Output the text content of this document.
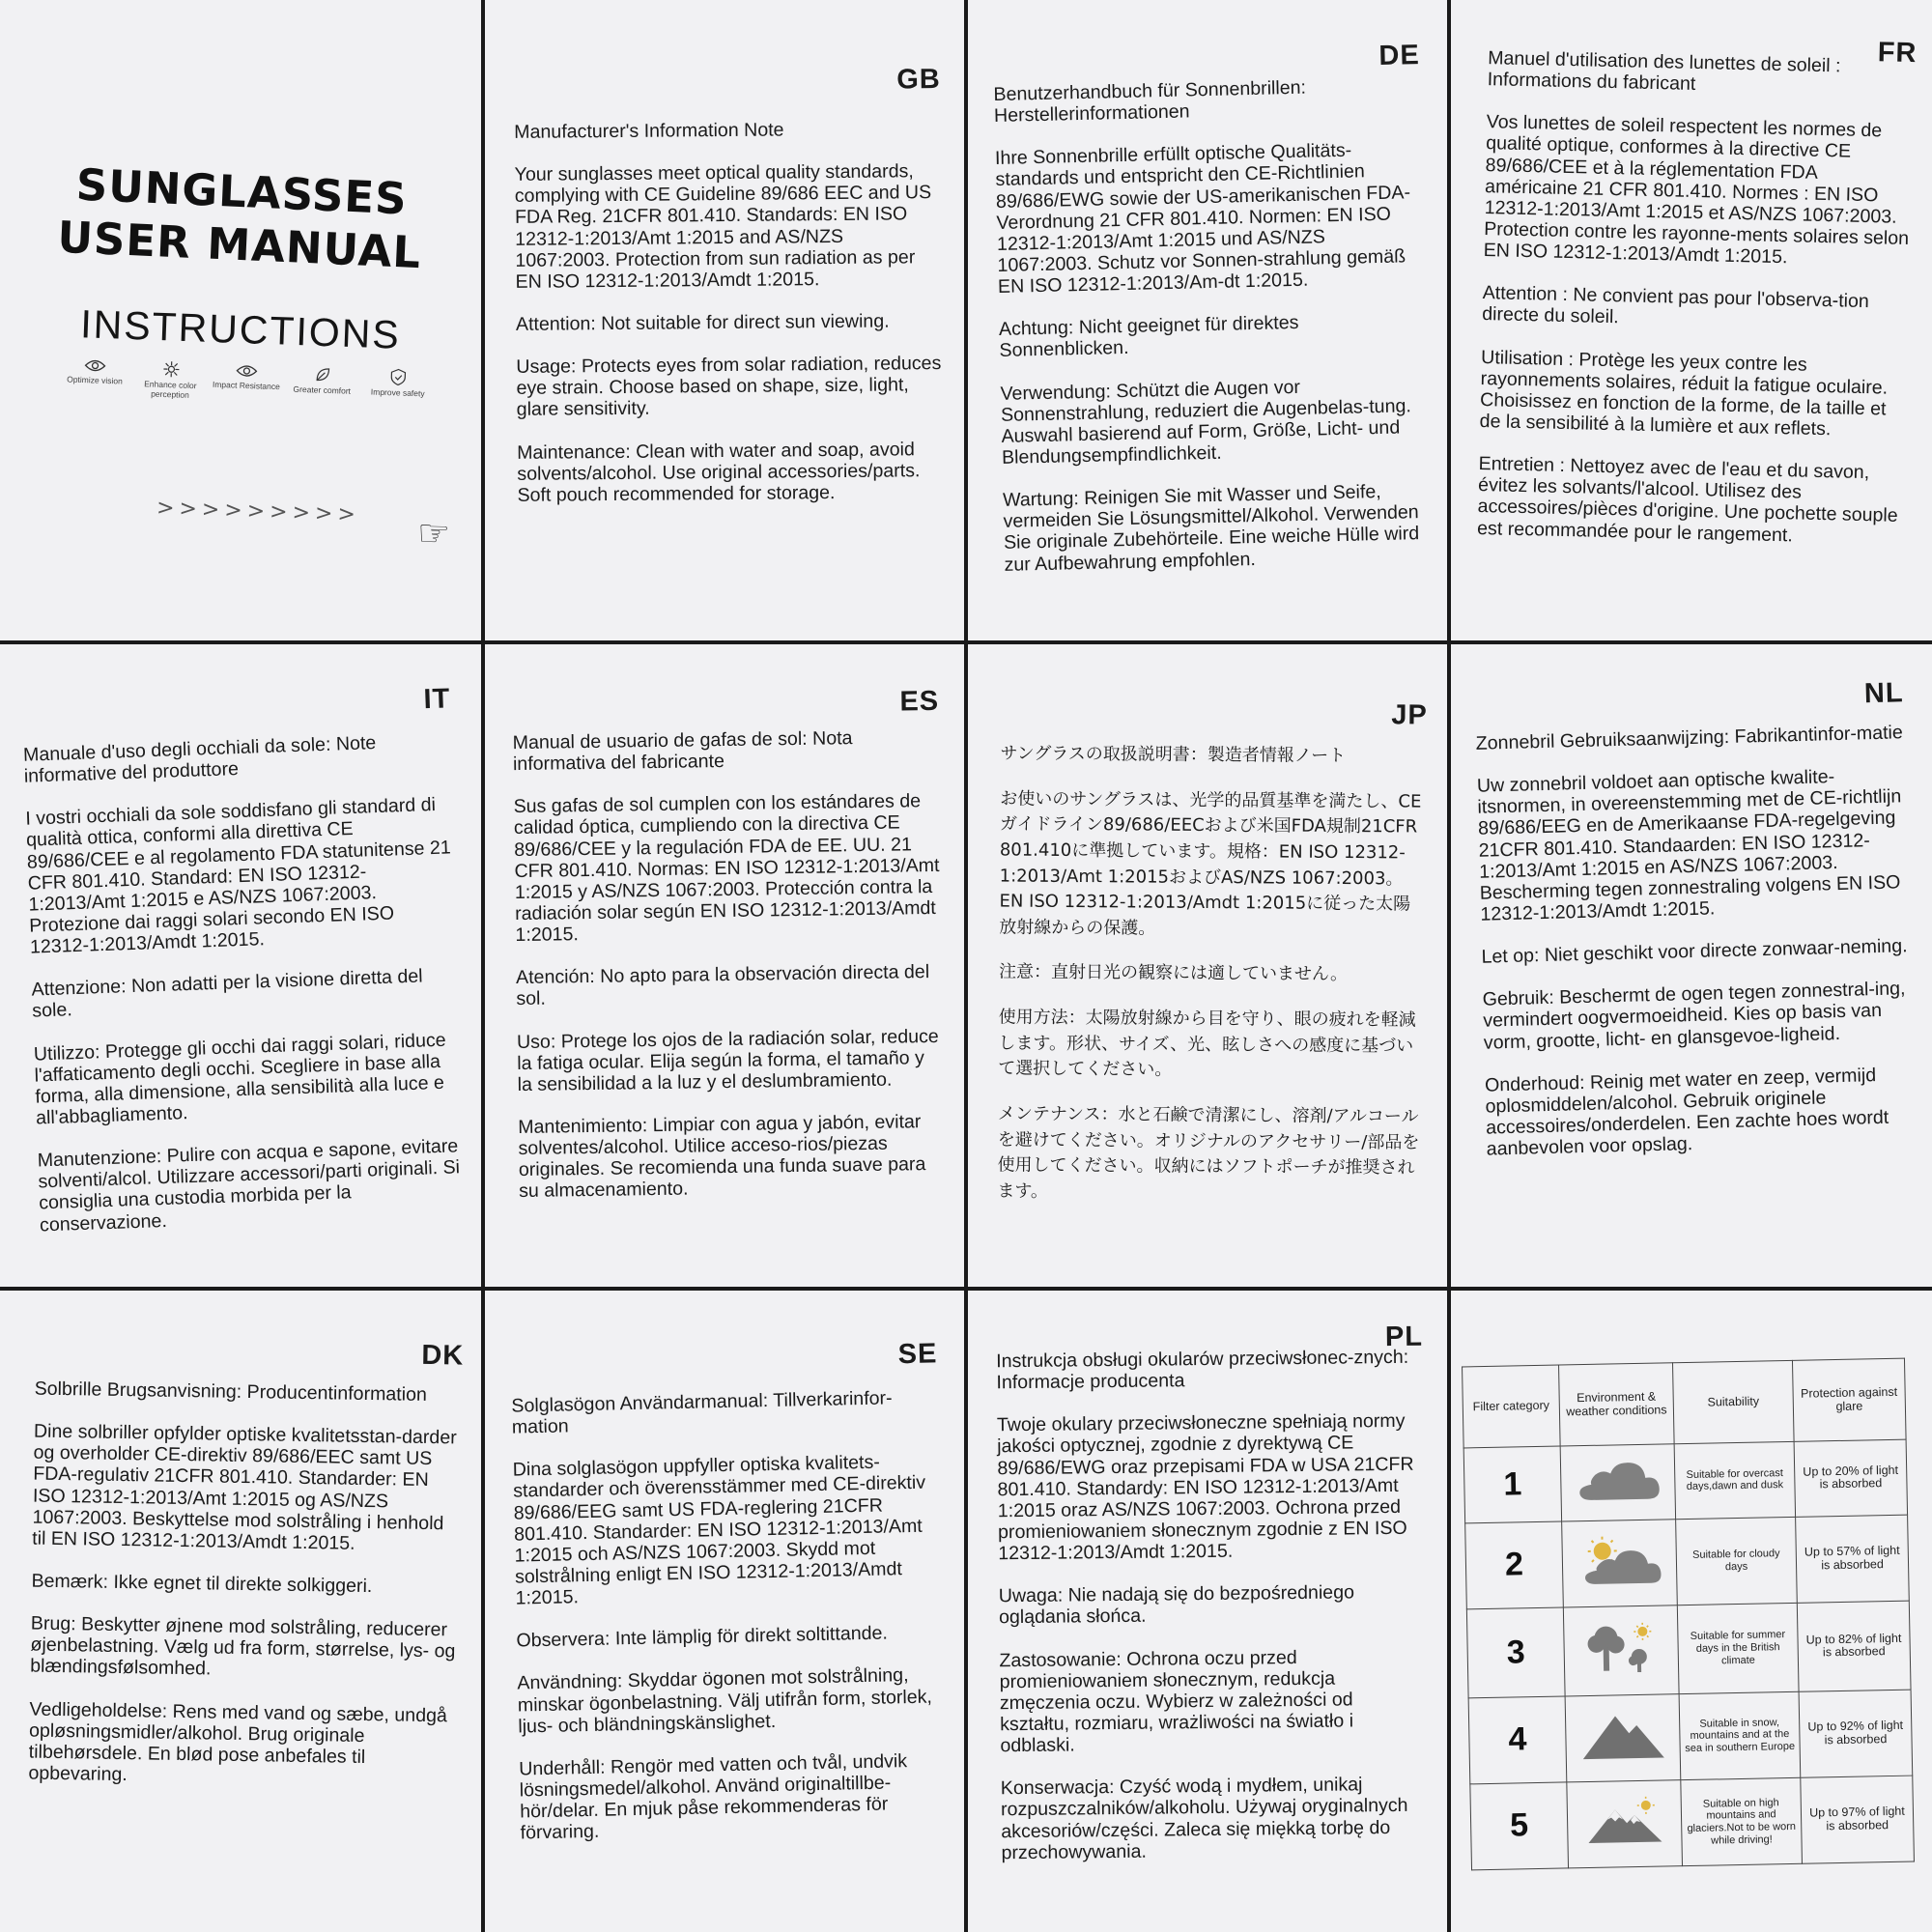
SUNGLASSES
USER MANUAL
INSTRUCTIONS
Optimize vision	Enhance color perception
Impact Resistance	Greater comfort	Improve safety
>>>>>>>>> ☞
GB

Manufacturer's Information Note

Your sunglasses meet optical quality standards, complying with CE Guideline 89/686 EEC and US FDA Reg. 21CFR 801.410. Standards: EN ISO 12312-1:2013/Amt 1:2015 and AS/NZS 1067:2003. Protection from sun radiation as per EN ISO 12312-1:2013/Amdt 1:2015.

Attention: Not suitable for direct sun viewing.

Usage: Protects eyes from solar radiation, reduces eye strain. Choose based on shape, size, light, glare sensitivity.

Maintenance: Clean with water and soap, avoid solvents/alcohol. Use original accessories/parts. Soft pouch recommended for storage.

DE

Benutzerhandbuch für Sonnenbrillen: Herstellerinformationen

Ihre Sonnenbrille erfüllt optische Qualitäts-standards und entspricht den CE-Richtlinien 89/686/EWG sowie der US-amerikanischen FDA-Verordnung 21 CFR 801.410. Normen: EN ISO 12312-1:2013/Amt 1:2015 und AS/NZS 1067:2003. Schutz vor Sonnen-strahlung gemäß EN ISO 12312-1:2013/Am-dt 1:2015.

Achtung: Nicht geeignet für direktes Sonnenblicken.

Verwendung: Schützt die Augen vor Sonnenstrahlung, reduziert die Augenbelas-tung. Auswahl basierend auf Form, Größe, Licht- und Blendungsempfindlichkeit.

Wartung: Reinigen Sie mit Wasser und Seife, vermeiden Sie Lösungsmittel/Alkohol. Verwenden Sie originale Zubehörteile. Eine weiche Hülle wird zur Aufbewahrung empfohlen.

FR

Manuel d'utilisation des lunettes de soleil : Informations du fabricant

Vos lunettes de soleil respectent les normes de qualité optique, conformes à la directive CE 89/686/CEE et à la réglementation FDA américaine 21 CFR 801.410. Normes : EN ISO 12312-1:2013/Amt 1:2015 et AS/NZS 1067:2003. Protection contre les rayonne-ments solaires selon EN ISO 12312-1:2013/Amdt 1:2015.

Attention : Ne convient pas pour l'observa-tion directe du soleil.

Utilisation : Protège les yeux contre les rayonnements solaires, réduit la fatigue oculaire. Choisissez en fonction de la forme, de la taille et de la sensibilité à la lumière et aux reflets.

Entretien : Nettoyez avec de l'eau et du savon, évitez les solvants/l'alcool. Utilisez des accessoires/pièces d'origine. Une pochette souple est recommandée pour le rangement.

IT

Manuale d'uso degli occhiali da sole: Note informative del produttore

I vostri occhiali da sole soddisfano gli standard di qualità ottica, conformi alla direttiva CE 89/686/CEE e al regolamento FDA statunitense 21 CFR 801.410. Standard: EN ISO 12312-1:2013/Amt 1:2015 e AS/NZS 1067:2003. Protezione dai raggi solari secondo EN ISO 12312-1:2013/Amdt 1:2015.

Attenzione: Non adatti per la visione diretta del sole.

Utilizzo: Protegge gli occhi dai raggi solari, riduce l'affaticamento degli occhi. Scegliere in base alla forma, alla dimensione, alla sensibilità alla luce e all'abbagliamento.

Manutenzione: Pulire con acqua e sapone, evitare solventi/alcol. Utilizzare accessori/parti originali. Si consiglia una custodia morbida per la conservazione.

ES

Manual de usuario de gafas de sol: Nota informativa del fabricante

Sus gafas de sol cumplen con los estándares de calidad óptica, cumpliendo con la directiva CE 89/686/CEE y la regulación FDA de EE. UU. 21 CFR 801.410. Normas: EN ISO 12312-1:2013/Amt 1:2015 y AS/NZS 1067:2003. Protección contra la radiación solar según EN ISO 12312-1:2013/Amdt 1:2015.

Atención: No apto para la observación directa del sol.

Uso: Protege los ojos de la radiación solar, reduce la fatiga ocular. Elija según la forma, el tamaño y la sensibilidad a la luz y el deslumbramiento.

Mantenimiento: Limpiar con agua y jabón, evitar solventes/alcohol. Utilice acceso-rios/piezas originales. Se recomienda una funda suave para su almacenamiento.

JP

サングラスの取扱説明書：製造者情報ノート

お使いのサングラスは、光学的品質基準を満たし、CEガイドライン89/686/EECおよび米国FDA規制21CFR 801.410に準拠しています。規格：EN ISO 12312-1:2013/Amt 1:2015およびAS/NZS 1067:2003。EN ISO 12312-1:2013/Amdt 1:2015に従った太陽放射線からの保護。

注意：直射日光の観察には適していません。

使用方法：太陽放射線から目を守り、眼の疲れを軽減します。形状、サイズ、光、眩しさへの感度に基づいて選択してください。

メンテナンス：水と石鹸で清潔にし、溶剤/アルコールを避けてください。オリジナルのアクセサリー/部品を使用してください。収納にはソフトポーチが推奨されます。

NL

Zonnebril Gebruiksaanwijzing: Fabrikantinfor-matie

Uw zonnebril voldoet aan optische kwalite-itsnormen, in overeenstemming met de CE-richtlijn 89/686/EEG en de Amerikaanse FDA-regelgeving 21CFR 801.410. Standaarden: EN ISO 12312-1:2013/Amt 1:2015 en AS/NZS 1067:2003. Bescherming tegen zonnestraling volgens EN ISO 12312-1:2013/Amdt 1:2015.

Let op: Niet geschikt voor directe zonwaar-neming.

Gebruik: Beschermt de ogen tegen zonnestral-ing, vermindert oogvermoeidheid. Kies op basis van vorm, grootte, licht- en glansgevoe-ligheid.

Onderhoud: Reinig met water en zeep, vermijd oplosmiddelen/alcohol. Gebruik originele accessoires/onderdelen. Een zachte hoes wordt aanbevolen voor opslag.

DK

Solbrille Brugsanvisning: Producentinformation

Dine solbriller opfylder optiske kvalitetsstan-darder og overholder CE-direktiv 89/686/EEC samt US FDA-regulativ 21CFR 801.410. Standarder: EN ISO 12312-1:2013/Amt 1:2015 og AS/NZS 1067:2003. Beskyttelse mod solstråling i henhold til EN ISO 12312-1:2013/Amdt 1:2015.

Bemærk: Ikke egnet til direkte solkiggeri.

Brug: Beskytter øjnene mod solstråling, reducerer øjenbelastning. Vælg ud fra form, størrelse, lys- og blændingsfølsomhed.

Vedligeholdelse: Rens med vand og sæbe, undgå opløsningsmidler/alkohol. Brug originale tilbehørsdele. En blød pose anbefales til opbevaring.

SE

Solglasögon Användarmanual: Tillverkarinfor-mation

Dina solglasögon uppfyller optiska kvalitets-standarder och överensstämmer med CE-direktiv 89/686/EEG samt US FDA-reglering 21CFR 801.410. Standarder: EN ISO 12312-1:2013/Amt 1:2015 och AS/NZS 1067:2003. Skydd mot solstrålning enligt EN ISO 12312-1:2013/Amdt 1:2015.

Observera: Inte lämplig för direkt soltittande.

Användning: Skyddar ögonen mot solstrålning, minskar ögonbelastning. Välj utifrån form, storlek, ljus- och bländningskänslighet.

Underhåll: Rengör med vatten och tvål, undvik lösningsmedel/alkohol. Använd originaltillbe-hör/delar. En mjuk påse rekommenderas för förvaring.

PL

Instrukcja obsługi okularów przeciwsłonec-znych: Informacje producenta

Twoje okulary przeciwsłoneczne spełniają normy jakości optycznej, zgodnie z dyrektywą CE 89/686/EWG oraz przepisami FDA w USA 21CFR 801.410. Standardy: EN ISO 12312-1:2013/Amt 1:2015 oraz AS/NZS 1067:2003. Ochrona przed promieniowaniem słonecznym zgodnie z EN ISO 12312-1:2013/Amdt 1:2015.

Uwaga: Nie nadają się do bezpośredniego oglądania słońca.

Zastosowanie: Ochrona oczu przed promieniowaniem słonecznym, redukcja zmęczenia oczu. Wybierz w zależności od kształtu, rozmiaru, wrażliwości na światło i odblaski.

Konserwacja: Czyść wodą i mydłem, unikaj rozpuszczalników/alkoholu. Używaj oryginalnych akcesoriów/części. Zaleca się miękką torbę do przechowywania.

Filter category	Environment & weather conditions	Suitability	Protection against glare
1		Suitable for overcast days,dawn and dusk	Up to 20% of light is absorbed
2		Suitable for cloudy days	Up to 57% of light is absorbed
3		Suitable for summer days in the British climate	Up to 82% of light is absorbed
4		Suitable in snow, mountains and at the sea in southern Europe	Up to 92% of light is absorbed
5		Suitable on high mountains and glaciers.Not to be worn while driving!	Up to 97% of light is absorbed
